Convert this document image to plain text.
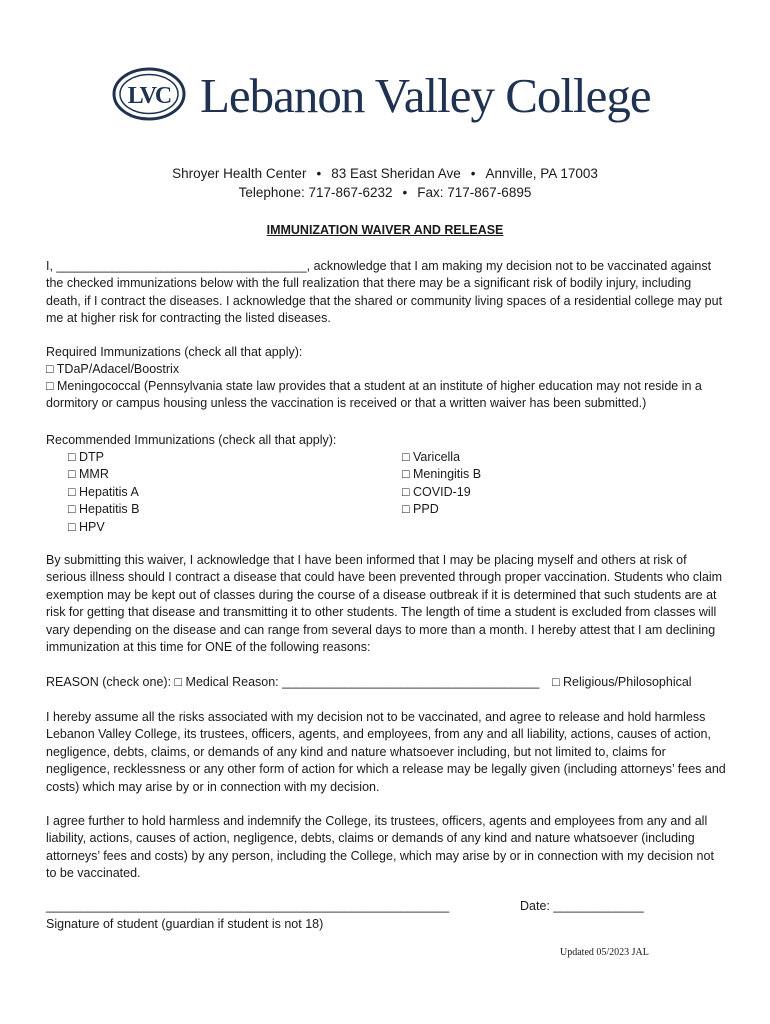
LVC Lebanon Valley College
Shroyer Health Center • 83 East Sheridan Ave • Annville, PA 17003
Telephone: 717-867-6232 • Fax: 717-867-6895
IMMUNIZATION WAIVER AND RELEASE
I, ____________________________________, acknowledge that I am making my decision not to be vaccinated against the checked immunizations below with the full realization that there may be a significant risk of bodily injury, including death, if I contract the diseases. I acknowledge that the shared or community living spaces of a residential college may put me at higher risk for contracting the listed diseases.
Required Immunizations (check all that apply):
□ TDaP/Adacel/Boostrix
□ Meningococcal (Pennsylvania state law provides that a student at an institute of higher education may not reside in a dormitory or campus housing unless the vaccination is received or that a written waiver has been submitted.)
Recommended Immunizations (check all that apply):
□ DTP
□ MMR
□ Hepatitis A
□ Hepatitis B
□ HPV
□ Varicella
□ Meningitis B
□ COVID-19
□ PPD
By submitting this waiver, I acknowledge that I have been informed that I may be placing myself and others at risk of serious illness should I contract a disease that could have been prevented through proper vaccination. Students who claim exemption may be kept out of classes during the course of a disease outbreak if it is determined that such students are at risk for getting that disease and transmitting it to other students. The length of time a student is excluded from classes will vary depending on the disease and can range from several days to more than a month. I hereby attest that I am declining immunization at this time for ONE of the following reasons:
REASON (check one): □ Medical Reason: _____________________________________ □ Religious/Philosophical
I hereby assume all the risks associated with my decision not to be vaccinated, and agree to release and hold harmless Lebanon Valley College, its trustees, officers, agents, and employees, from any and all liability, actions, causes of action, negligence, debts, claims, or demands of any kind and nature whatsoever including, but not limited to, claims for negligence, recklessness or any other form of action for which a release may be legally given (including attorneys’ fees and costs) which may arise by or in connection with my decision.
I agree further to hold harmless and indemnify the College, its trustees, officers, agents and employees from any and all liability, actions, causes of action, negligence, debts, claims or demands of any kind and nature whatsoever (including attorneys’ fees and costs) by any person, including the College, which may arise by or in connection with my decision not to be vaccinated.
__________________________________________________________
Signature of student (guardian if student is not 18)
Date: _____________
Updated 05/2023 JAL
